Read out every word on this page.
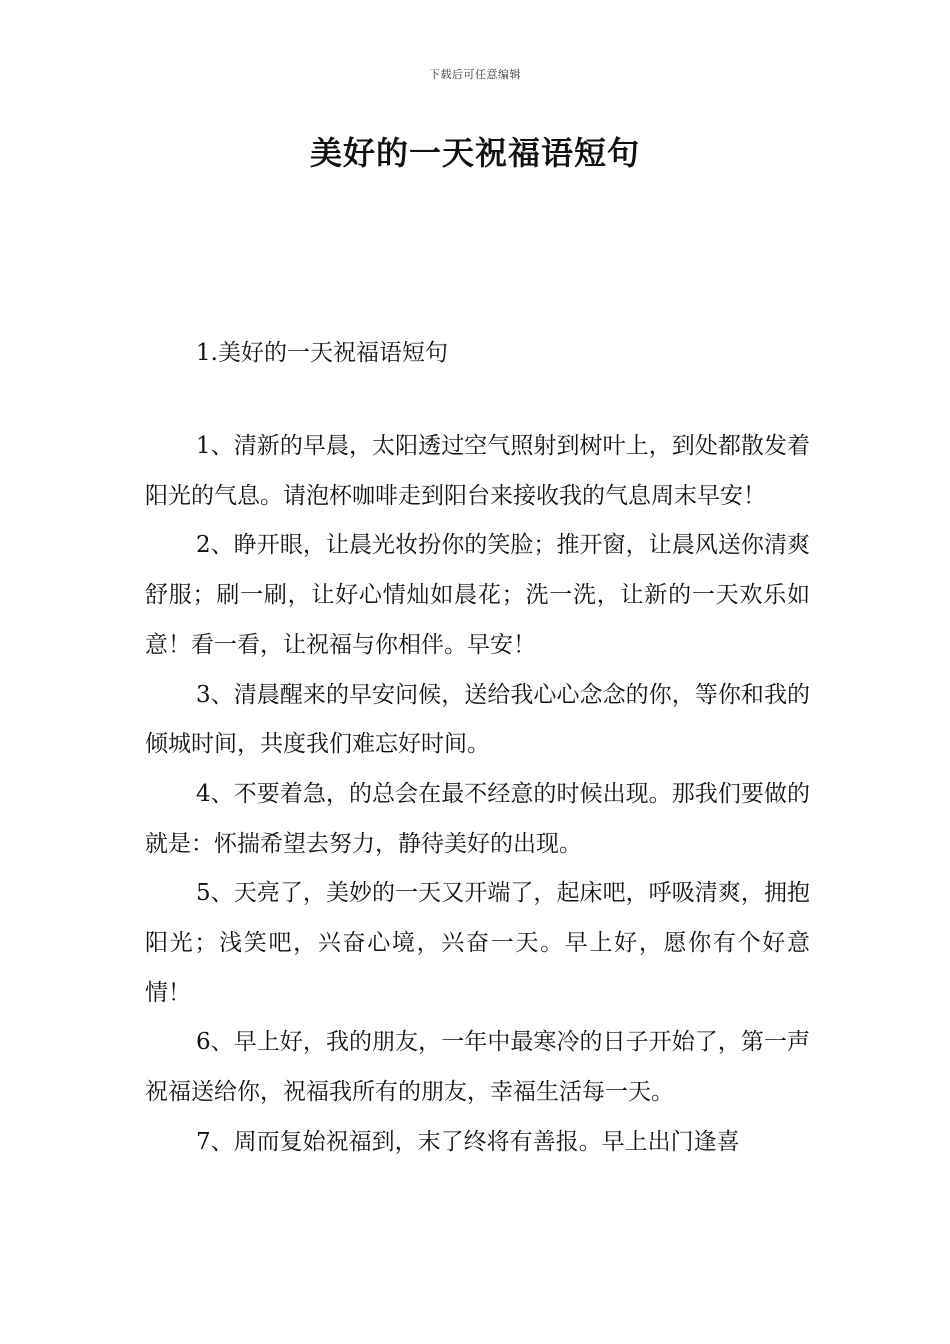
下载后可任意编辑
美好的一天祝福语短句
1.美好的一天祝福语短句

1、清新的早晨，太阳透过空气照射到树叶上，到处都散发着阳光的气息。请泡杯咖啡走到阳台来接收我的气息周末早安！

2、睁开眼，让晨光妆扮你的笑脸；推开窗，让晨风送你清爽舒服；刷一刷，让好心情灿如晨花；洗一洗，让新的一天欢乐如意！看一看，让祝福与你相伴。早安！

3、清晨醒来的早安问候，送给我心心念念的你，等你和我的倾城时间，共度我们难忘好时间。

4、不要着急，的总会在最不经意的时候出现。那我们要做的就是：怀揣希望去努力，静待美好的出现。

5、天亮了，美妙的一天又开端了，起床吧，呼吸清爽，拥抱阳光；浅笑吧，兴奋心境，兴奋一天。早上好，愿你有个好意情！

6、早上好，我的朋友，一年中最寒冷的日子开始了，第一声祝福送给你，祝福我所有的朋友，幸福生活每一天。

7、周而复始祝福到，末了终将有善报。早上出门逢喜
